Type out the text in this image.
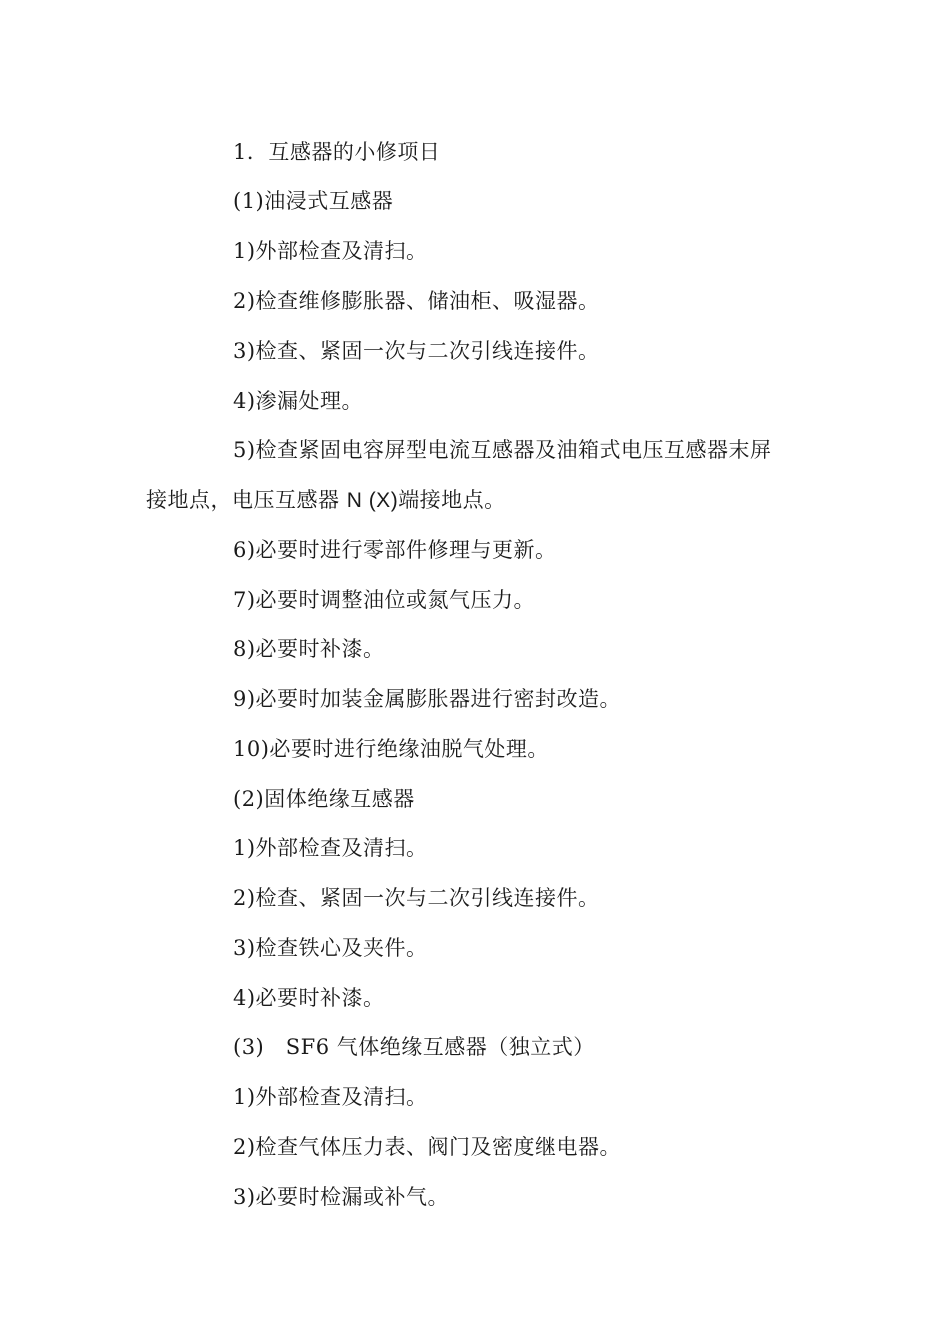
1．互感器的小修项日
(1)油浸式互感器
1)外部检查及清扫。
2)检查维修膨胀器、储油柜、吸湿器。
3)检查、紧固一次与二次引线连接件。
4)渗漏处理。
5)检查紧固电容屏型电流互感器及油箱式电压互感器末屏
接地点，电压互感器 N (X)端接地点。
6)必要时进行零部件修理与更新。
7)必要时调整油位或氮气压力。
8)必要时补漆。
9)必要时加装金属膨胀器进行密封改造。
10)必要时进行绝缘油脱气处理。
(2)固体绝缘互感器
1)外部检查及清扫。
2)检查、紧固一次与二次引线连接件。
3)检查铁心及夹件。
4)必要时补漆。
(3)　SF6 气体绝缘互感器（独立式）
1)外部检查及清扫。
2)检查气体压力表、阀门及密度继电器。
3)必要时检漏或补气。
